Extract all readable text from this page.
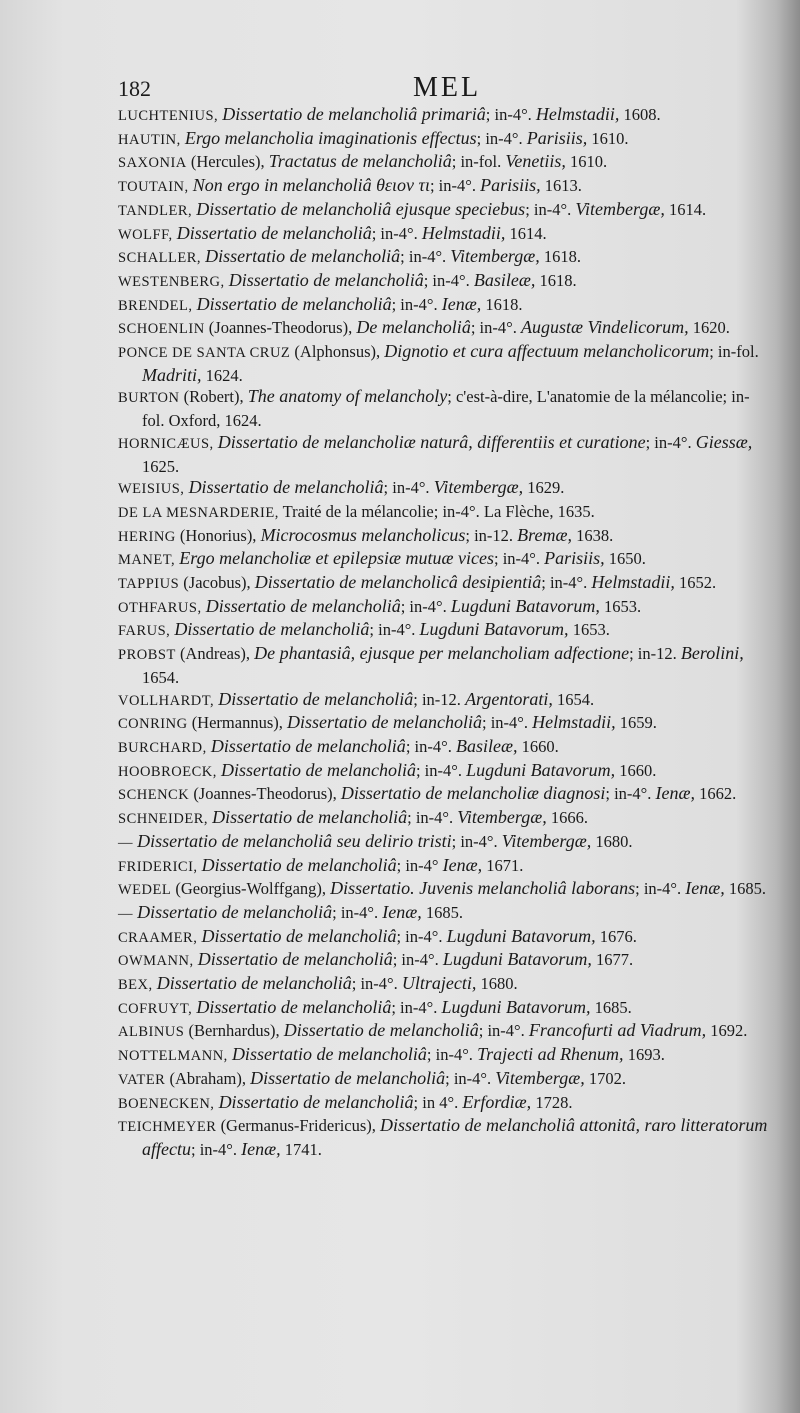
182	MEL

LUCHTENIUS, Dissertatio de melancholiâ primariâ; in-4°. Helmstadii, 1608.

HAUTIN, Ergo melancholia imaginationis effectus; in-4°. Parisiis, 1610.

SAXONIA (Hercules), Tractatus de melancholiâ; in-fol. Venetiis, 1610.

TOUTAIN, Non ergo in melancholiâ θειον τι; in-4°. Parisiis, 1613.

TANDLER, Dissertatio de melancholiâ ejusque speciebus; in-4°. Vitembergæ, 1614.

WOLFF, Dissertatio de melancholiâ; in-4°. Helmstadii, 1614.

SCHALLER, Dissertatio de melancholiâ; in-4°. Vitembergæ, 1618.

WESTENBERG, Dissertatio de melancholiâ; in-4°. Basileæ, 1618.

BRENDEL, Dissertatio de melancholiâ; in-4°. Ienæ, 1618.

SCHOENLIN (Joannes-Theodorus), De melancholiâ; in-4°. Augustæ Vindelicorum, 1620.

PONCE DE SANTA CRUZ (Alphonsus), Dignotio et cura affectuum melancholicorum; in-fol. Madriti, 1624.

BURTON (Robert), The anatomy of melancholy; c'est-à-dire, L'anatomie de la mélancolie; in-fol. Oxford, 1624.

HORNICÆUS, Dissertatio de melancholiæ naturâ, differentiis et curatione; in-4°. Giessæ, 1625.

WEISIUS, Dissertatio de melancholiâ; in-4°. Vitembergæ, 1629.

DE LA MESNARDERIE, Traité de la mélancolie; in-4°. La Flèche, 1635.

HERING (Honorius), Microcosmus melancholicus; in-12. Bremæ, 1638.

MANET, Ergo melancholiæ et epilepsiæ mutuæ vices; in-4°. Parisiis, 1650.

TAPPIUS (Jacobus), Dissertatio de melancholicâ desipientiâ; in-4°. Helmstadii, 1652.

OTHFARUS, Dissertatio de melancholiâ; in-4°. Lugduni Batavorum, 1653.

FARUS, Dissertatio de melancholiâ; in-4°. Lugduni Batavorum, 1653.

PROBST (Andreas), De phantasiâ, ejusque per melancholiam adfectione; in-12. Berolini, 1654.

VOLLHARDT, Dissertatio de melancholiâ; in-12. Argentorati, 1654.

CONRING (Hermannus), Dissertatio de melancholiâ; in-4°. Helmstadii, 1659.

BURCHARD, Dissertatio de melancholiâ; in-4°. Basileæ, 1660.

HOOBROECK, Dissertatio de melancholiâ; in-4°. Lugduni Batavorum, 1660.

SCHENCK (Joannes-Theodorus), Dissertatio de melancholiæ diagnosi; in-4°. Ienæ, 1662.

SCHNEIDER, Dissertatio de melancholiâ; in-4°. Vitembergæ, 1666.

— Dissertatio de melancholiâ seu delirio tristi; in-4°. Vitembergæ, 1680.

FRIDERICI, Dissertatio de melancholiâ; in-4° Ienæ, 1671.

WEDEL (Georgius-Wolffgang), Dissertatio. Juvenis melancholiâ laborans; in-4°. Ienæ, 1685.

— Dissertatio de melancholiâ; in-4°. Ienæ, 1685.

CRAAMER, Dissertatio de melancholiâ; in-4°. Lugduni Batavorum, 1676.

OWMANN, Dissertatio de melancholiâ; in-4°. Lugduni Batavorum, 1677.

BEX, Dissertatio de melancholiâ; in-4°. Ultrajecti, 1680.

COFRUYT, Dissertatio de melancholiâ; in-4°. Lugduni Batavorum, 1685.

ALBINUS (Bernhardus), Dissertatio de melancholiâ; in-4°. Francofurti ad Viadrum, 1692.

NOTTELMANN, Dissertatio de melancholiâ; in-4°. Trajecti ad Rhenum, 1693.

VATER (Abraham), Dissertatio de melancholiâ; in-4°. Vitembergæ, 1702.

BOENECKEN, Dissertatio de melancholiâ; in 4°. Erfordiæ, 1728.

TEICHMEYER (Germanus-Fridericus), Dissertatio de melancholiâ attonitâ, raro litteratorum affectu; in-4°. Ienæ, 1741.
